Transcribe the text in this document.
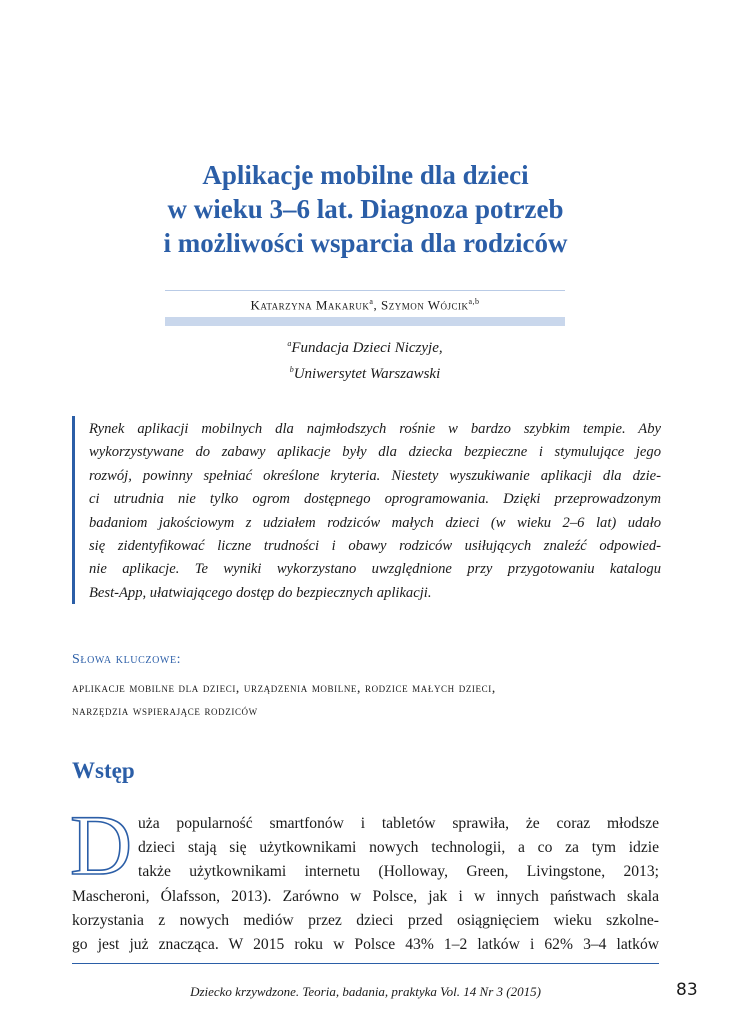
Aplikacje mobilne dla dzieci
w wieku 3–6 lat. Diagnoza potrzeb
i możliwości wsparcia dla rodziców
Katarzyna Makaruk$^a$, Szymon Wójcik$^{a,b}$
$^a$Fundacja Dzieci Niczyje,
$^b$Uniwersytet Warszawski
Rynek aplikacji mobilnych dla najmłodszych rośnie w bardzo szybkim tempie. Aby
wykorzystywane do zabawy aplikacje były dla dziecka bezpieczne i stymulujące jego
rozwój, powinny spełniać określone kryteria. Niestety wyszukiwanie aplikacji dla dzie-
ci utrudnia nie tylko ogrom dostępnego oprogramowania. Dzięki przeprowadzonym
badaniom jakościowym z udziałem rodziców małych dzieci (w wieku 2–6 lat) udało
się zidentyfikować liczne trudności i obawy rodziców usiłujących znaleźć odpowied-
nie aplikacje. Te wyniki wykorzystano uwzględnione przy przygotowaniu katalogu
Best-App, ułatwiającego dostęp do bezpiecznych aplikacji.
Słowa kluczowe:
aplikacje mobilne dla dzieci, urządzenia mobilne, rodzice małych dzieci,
narzędzia wspierające rodziców
Wstęp
D uża popularność smartfonów i tabletów sprawiła, że coraz młodsze
dzieci stają się użytkownikami nowych technologii, a co za tym idzie
także użytkownikami internetu (Holloway, Green, Livingstone, 2013;
Mascheroni, Ólafsson, 2013). Zarówno w Polsce, jak i w innych państwach skala
korzystania z nowych mediów przez dzieci przed osiągnięciem wieku szkolne-
go jest już znacząca. W 2015 roku w Polsce 43% 1–2 latków i 62% 3–4 latków
Dziecko krzywdzone. Teoria, badania, praktyka Vol. 14 Nr 3 (2015)	83
